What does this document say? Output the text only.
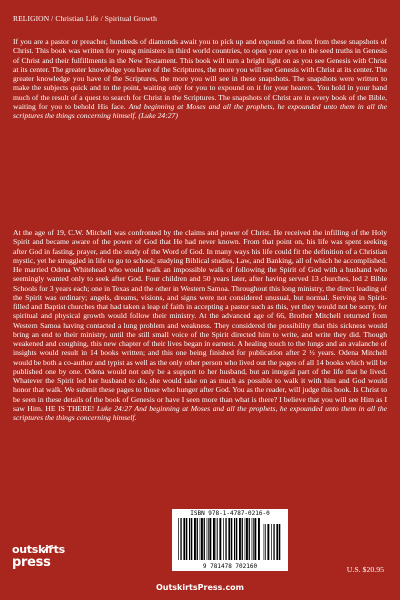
RELIGION / Christian Life / Spiritual Growth

If you are a pastor or preacher, hundreds of diamonds await you to pick up and expound on them from these snapshots of Christ. This book was written for young ministers in third world countries, to open your eyes to the seed truths in Genesis of Christ and their fulfillments in the New Testament. This book will turn a bright light on as you see Genesis with Christ at its center. The greater knowledge you have of the Scriptures, the more you will see Genesis with Christ at its center. The greater knowledge you have of the Scriptures, the more you will see in these snapshots. The snapshots were written to make the subjects quick and to the point, waiting only for you to expound on it for your hearers. You hold in your hand much of the result of a quest to search for Christ in the Scriptures. The snapshots of Christ are in every book of the Bible, waiting for you to behold His face. And beginning at Moses and all the prophets, he expounded unto them in all the scriptures the things concerning himself. (Luke 24:27)

At the age of 19, C.W. Mitchell was confronted by the claims and power of Christ. He received the infilling of the Holy Spirit and became aware of the power of God that He had never known. From that point on, his life was spent seeking after God in fasting, prayer, and the study of the Word of God. In many ways his life could fit the definition of a Christian mystic, yet he struggled in life to go to school; studying Biblical studies, Law, and Banking, all of which he accomplished. He married Odena Whitehead who would walk an impossible walk of following the Spirit of God with a husband who seemingly wanted only to seek after God. Four children and 50 years later, after having served 13 churches, led 2 Bible Schools for 3 years each; one in Texas and the other in Western Samoa. Throughout this long ministry, the direct leading of the Spirit was ordinary; angels, dreams, visions, and signs were not considered unusual, but normal. Serving in Spirit-filled and Baptist churches that had taken a leap of faith in accepting a pastor such as this, yet they would not be sorry, for spiritual and physical growth would follow their ministry. At the advanced age of 66, Brother Mitchell returned from Western Samoa having contacted a lung problem and weakness. They considered the possibility that this sickness would bring an end to their ministry, until the still small voice of the Spirit directed him to write, and write they did. Though weakened and coughing, this new chapter of their lives began in earnest. A healing touch to the lungs and an avalanche of insights would result in 14 books written; and this one being finished for publication after 2 ½ years. Odena Mitchell would be both a co-author and typist as well as the only other person who lived out the pages of all 14 books which will be published one by one. Odena would not only be a support to her husband, but an integral part of the life that he lived. Whatever the Spirit led her husband to do, she would take on as much as possible to walk it with him and God would honor that walk. We submit these pages to those who hunger after God. You as the reader, will judge this book. Is Christ to be seen in these details of the book of Genesis or have I seen more than what is there? I believe that you will see Him as I saw Him. HE IS THERE! Luke 24:27 And beginning at Moses and all the prophets, he expounded unto them in all the scriptures the things concerning himself.

ISBN 978-1-4787-0216-0
9 781478 702160
outskirts
press	U.S. $20.95
OutskirtsPress.com
